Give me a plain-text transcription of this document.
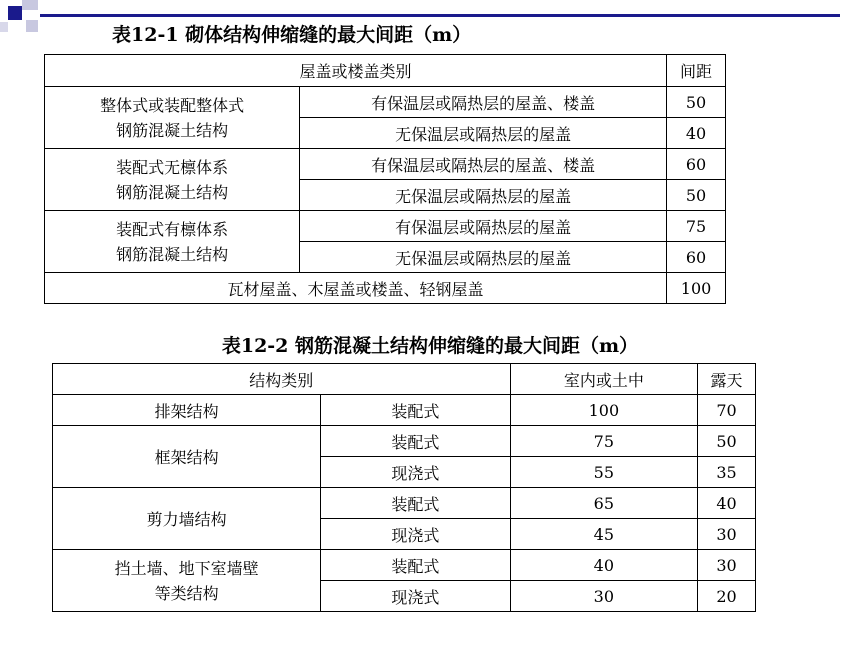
表12-1 砌体结构伸缩缝的最大间距（m）
屋盖或楼盖类别		间距

整体式或装配整体式
钢筋混凝土结构	有保温层或隔热层的屋盖、楼盖	50
	无保温层或隔热层的屋盖	40

装配式无檩体系
钢筋混凝土结构	有保温层或隔热层的屋盖、楼盖	60
	无保温层或隔热层的屋盖	50

装配式有檩体系
钢筋混凝土结构	有保温层或隔热层的屋盖	75
	无保温层或隔热层的屋盖	60
瓦材屋盖、木屋盖或楼盖、轻钢屋盖		100
表12-2 钢筋混凝土结构伸缩缝的最大间距（m）
结构类别		室内或土中	露天
排架结构	装配式	100	70
框架结构	装配式	75	50
	现浇式	55	35
剪力墙结构	装配式	65	40
	现浇式	45	30

挡土墙、地下室墙壁
等类结构	装配式	40	30
	现浇式	30	20
